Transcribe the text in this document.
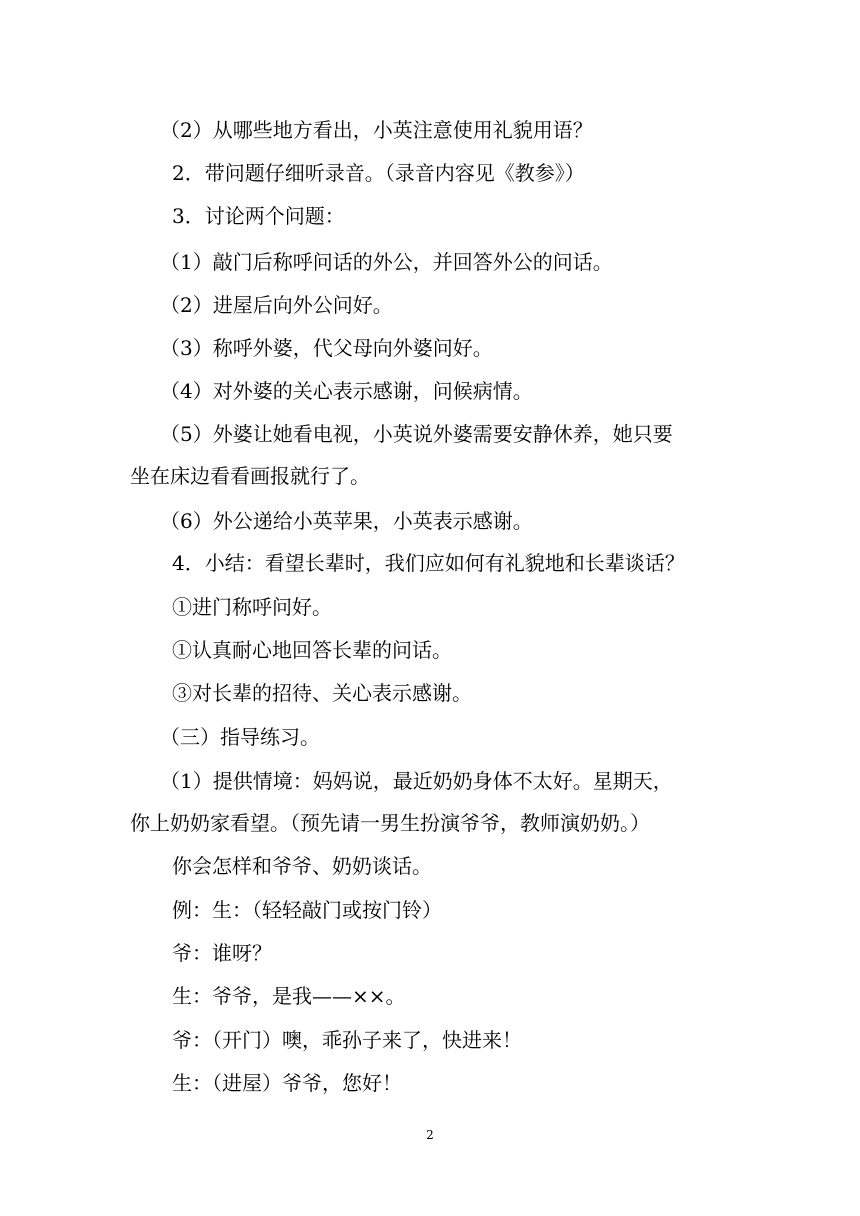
（2）从哪些地方看出，小英注意使用礼貌用语？
2．带问题仔细听录音。（录音内容见《教参》）
3．讨论两个问题：
（1）敲门后称呼问话的外公，并回答外公的问话。
（2）进屋后向外公问好。
（3）称呼外婆，代父母向外婆问好。
（4）对外婆的关心表示感谢，问候病情。
（5）外婆让她看电视，小英说外婆需要安静休养，她只要
坐在床边看看画报就行了。
（6）外公递给小英苹果，小英表示感谢。
4．小结：看望长辈时，我们应如何有礼貌地和长辈谈话？
①进门称呼问好。
①认真耐心地回答长辈的问话。
③对长辈的招待、关心表示感谢。
（三）指导练习。
（1）提供情境：妈妈说，最近奶奶身体不太好。星期天，
你上奶奶家看望。（预先请一男生扮演爷爷，教师演奶奶。）
你会怎样和爷爷、奶奶谈话。
例：生：（轻轻敲门或按门铃）
爷：谁呀？
生：爷爷，是我——××。
爷：（开门）噢，乖孙子来了，快进来！
生：（进屋）爷爷，您好！
2
